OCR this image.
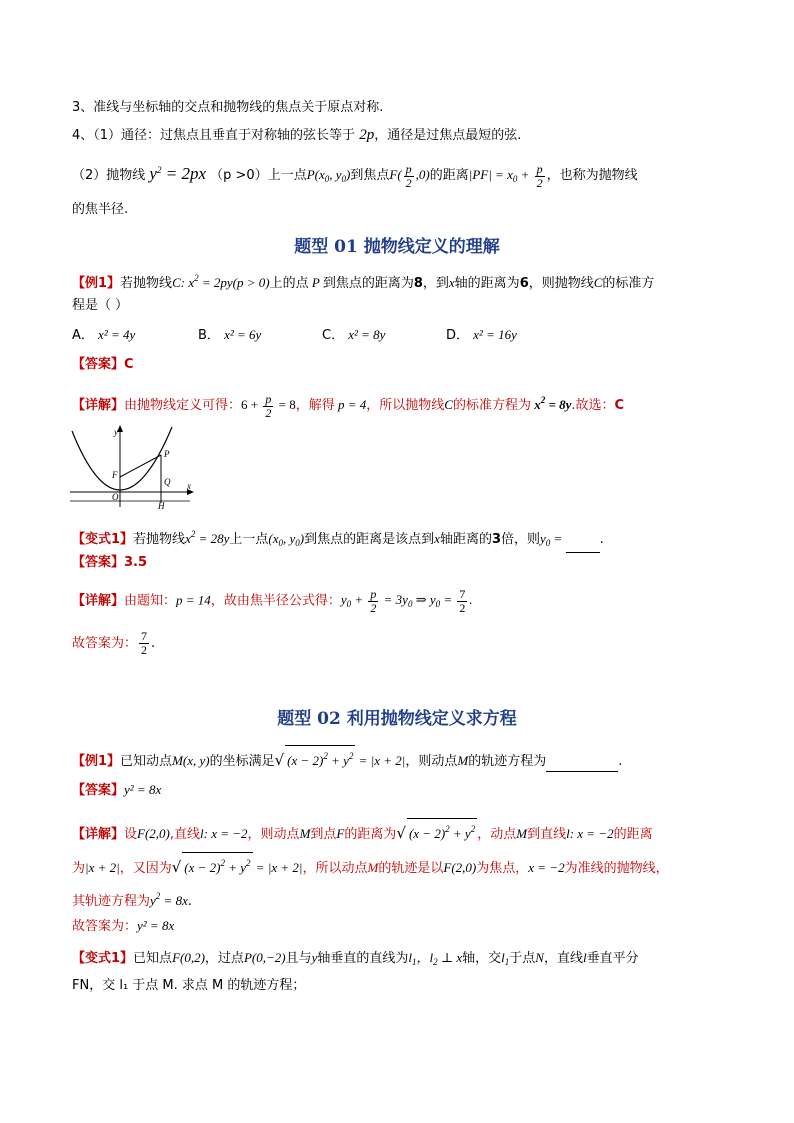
3、准线与坐标轴的交点和抛物线的焦点关于原点对称.
4、（1）通径：过焦点且垂直于对称轴的弦长等于 2p，通径是过焦点最短的弦.
（2）抛物线 $y^2 = 2px$ （p >0）上一点$P(x_0$, $y_0$)到焦点$F( \frac{p}{2} ,0)$的距离$|PF| = x_0 + \frac{p}{2}$ ，也称为抛物线
的焦半径.
题型 01 抛物线定义的理解
【例1】若抛物线C: $x^2 = 2py(p > 0)$上的点 P 到焦点的距离为8，到x轴的距离为6，则抛物线C的标准方
程是（ ）
A． x² = 4y	B． x² = 6y	C． x² = 8y	D． x² = 16y
【答案】C
【详解】由抛物线定义可得：$6 + \frac{p}{2} = 8$，解得 p = 4，所以抛物线C的标准方程为 $x^2 = 8y$.故选：C
y
x
O
F
P
Q
H
【变式1】若抛物线$x^2 = 28y$上一点($x_0$, $y_0$)到焦点的距离是该点到x轴距离的3倍，则$y_0$ =	.
【答案】3.5
【详解】由题知：p = 14，故由焦半径公式得：$y_0 + \frac{p}{2} = 3y_0$ ⇒ $y_0 = \frac{7}{2}$ .
故答案为： $\frac{7}{2}$ .
题型 02 利用抛物线定义求方程
【例1】已知动点M(x, y)的坐标满足√ $(x - 2)^2 + y^2 = |x + 2|$，则动点M的轨迹方程为	.
【答案】y² = 8x
【详解】设F(2,0),直线l: x = −2，则动点M到点F的距离为√ $(x - 2)^2 + y^2$ ，动点M到直线l: x = −2的距离
为|x + 2|，又因为√ $(x - 2)^2 + y^2 = |x + 2|$，所以动点M的轨迹是以F(2,0)为焦点，x = −2为准线的抛物线，
其轨迹方程为$y^2 = 8x$.
故答案为：y² = 8x
【变式1】已知点F(0,2)，过点P(0,−2)且与y轴垂直的直线为$l_1$，$l_2$ ⊥ x轴，交$l_1$于点N，直线l垂直平分
FN，交 l₁ 于点 M. 求点 M 的轨迹方程；
